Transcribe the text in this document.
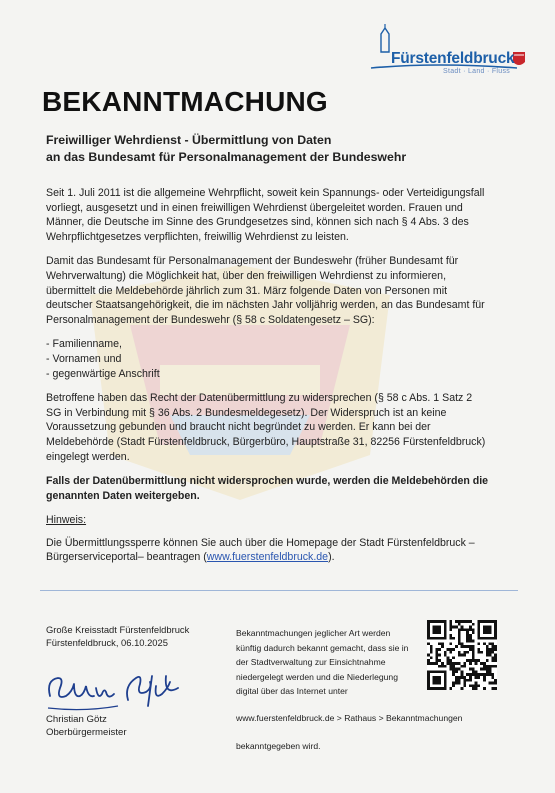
Fürstenfeldbruck
Stadt · Land · Fluss
BEKANNTMACHUNG
Freiwilliger Wehrdienst - Übermittlung von Daten
an das Bundesamt für Personalmanagement der Bundeswehr
Seit 1. Juli 2011 ist die allgemeine Wehrpflicht, soweit kein Spannungs- oder Verteidigungsfall
vorliegt, ausgesetzt und in einen freiwilligen Wehrdienst übergeleitet worden. Frauen und
Männer, die Deutsche im Sinne des Grundgesetzes sind, können sich nach § 4 Abs. 3 des
Wehrpflichtgesetzes verpflichten, freiwillig Wehrdienst zu leisten.
Damit das Bundesamt für Personalmanagement der Bundeswehr (früher Bundesamt für
Wehrverwaltung) die Möglichkeit hat, über den freiwilligen Wehrdienst zu informieren,
übermittelt die Meldebehörde jährlich zum 31. März folgende Daten von Personen mit
deutscher Staatsangehörigkeit, die im nächsten Jahr volljährig werden, an das Bundesamt für
Personalmanagement der Bundeswehr (§ 58 c Soldatengesetz – SG):
- Familienname,
- Vornamen und
- gegenwärtige Anschrift
Betroffene haben das Recht der Datenübermittlung zu widersprechen (§ 58 c Abs. 1 Satz 2
SG in Verbindung mit § 36 Abs. 2 Bundesmeldegesetz). Der Widerspruch ist an keine
Voraussetzung gebunden und braucht nicht begründet zu werden. Er kann bei der
Meldebehörde (Stadt Fürstenfeldbruck, Bürgerbüro, Hauptstraße 31, 82256 Fürstenfeldbruck)
eingelegt werden.
Falls der Datenübermittlung nicht widersprochen wurde, werden die Meldebehörden die
genannten Daten weitergeben.
Hinweis:
Die Übermittlungssperre können Sie auch über die Homepage der Stadt Fürstenfeldbruck –
Bürgerserviceportal– beantragen (www.fuerstenfeldbruck.de).
Große Kreisstadt Fürstenfeldbruck
Fürstenfeldbruck, 06.10.2025
Christian Götz
Oberbürgermeister
Bekanntmachungen jeglicher Art werden
künftig dadurch bekannt gemacht, dass sie in
der Stadtverwaltung zur Einsichtnahme
niedergelegt werden und die Niederlegung
digital über das Internet unter
www.fuerstenfeldbruck.de > Rathaus > Bekanntmachungen
bekanntgegeben wird.
